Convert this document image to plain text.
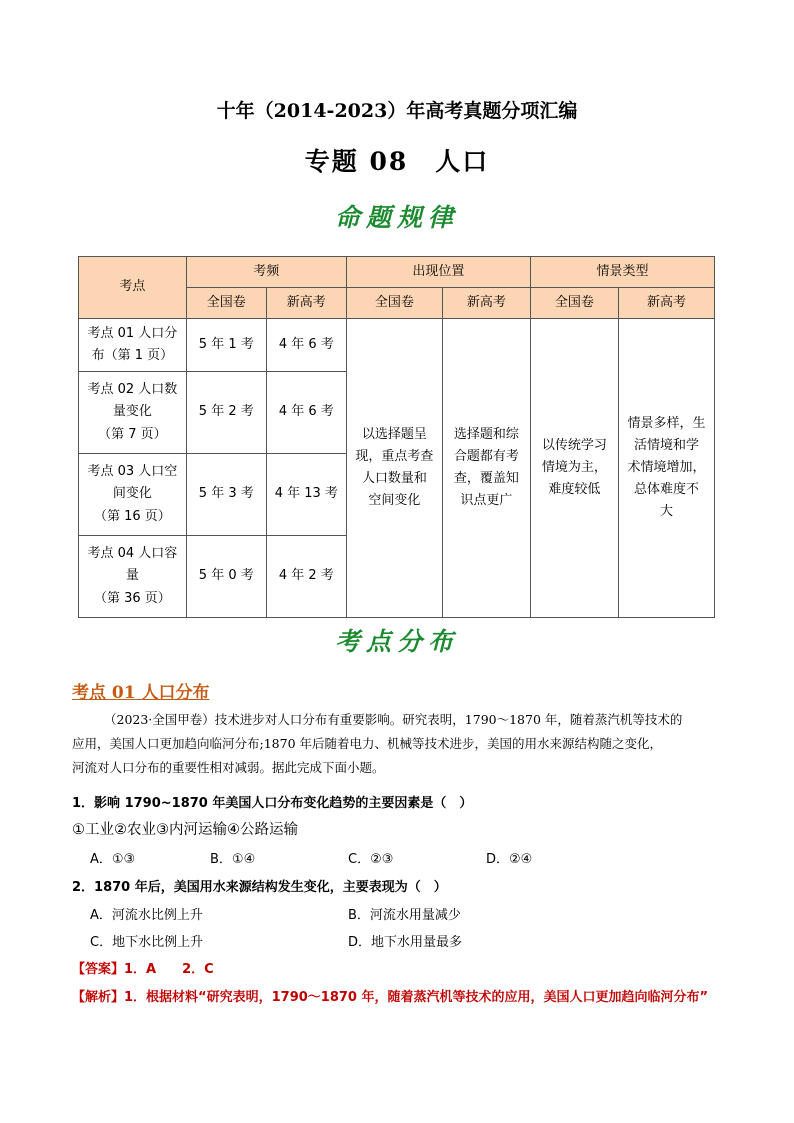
十年（2014-2023）年高考真题分项汇编
专题 08　人口
命题规律
考点	考频		出现位置		情景类型	
	全国卷	新高考	全国卷	新高考	全国卷	新高考
考点 01 人口分
布（第 1 页）	5 年 1 考	4 年 6 考	以选择题呈
现，重点考查
人口数量和
空间变化	选择题和综
合题都有考
查，覆盖知
识点更广	以传统学习
情境为主，
难度较低	情景多样，生
活情境和学
术情境增加，
总体难度不
大
考点 02 人口数
量变化
（第 7 页）	5 年 2 考	4 年 6 考				
考点 03 人口空
间变化
（第 16 页）	5 年 3 考	4 年 13 考				
考点 04 人口容
量
（第 36 页）	5 年 0 考	4 年 2 考				
考点分布
考点 01 人口分布
（2023·全国甲卷）技术进步对人口分布有重要影响。研究表明，1790～1870 年，随着蒸汽机等技术的
应用，美国人口更加趋向临河分布;1870 年后随着电力、机械等技术进步，美国的用水来源结构随之变化，
河流对人口分布的重要性相对减弱。据此完成下面小题。
1．影响 1790~1870 年美国人口分布变化趋势的主要因素是（　）
①工业②农业③内河运输④公路运输
A．①③	B．①④	C．②③	D．②④
2．1870 年后，美国用水来源结构发生变化，主要表现为（　）
A．河流水比例上升	B．河流水用量减少
C．地下水比例上升	D．地下水用量最多
【答案】1．A　　2．C
【解析】1．根据材料“研究表明，1790～1870 年，随着蒸汽机等技术的应用，美国人口更加趋向临河分布”
